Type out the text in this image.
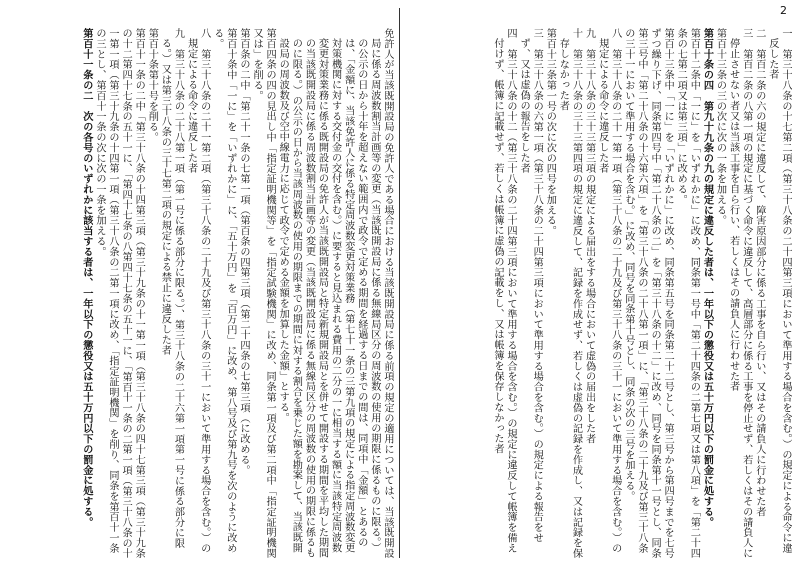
2

一　第三十八条の十七第二項（第三十八条の二十四第三項において準用する場合を含む。）の規定による命令に違反した者

二　第百二条の六の規定に違反して、障害原因部分に係る工事を自ら行い、又はその請負人に行わせた者

三　第百二条の八第一項の規定に基づく命令に違反して、高層部分に係る工事を停止せず、若しくはその請負人に停止させない者又は当該工事を自ら行い、若しくはその請負人に行わせた者

第百十三条の三の次に次の一条を加える。

第百十条の四　第九十九条の九の規定に違反した者は、一年以下の懲役又は五十万円以下の罰金に処する。

第百十二条中「一に」を「いずれかに」に改め、同条第一号中「第二十四条の二第七項又は第八項」を「第二十四条の七第二項又は第三項」に改める。

第百十三条中「一に」を「いずれかに」に改め、同条第五号を同条第二十二号とし、第三号から第四号までを七号ずつ繰り下げ、同条第四号中「第二十八条の二」を「第三十八条の十二」に改め、同号を同条第十一号とし、同条第三号中「第二十八条の十六第六項」を「第三十八条の二十八第一項」に、「第三十八条の二十九及び第三十八条の三十一において準用する場合を含む。」に改め、同号を同条第十号とし、同条の次の三号を加える。

八　第三十八条の二十一第一項（第三十八条の二十九及び第三十八条の三十一において準用する場合を含む。）の規定による命令に違反した者

九　第三十八条の三十三第三項の規定による届出をする場合において虚偽の届出をした者

十　第三十八条の三十三第四項の規定に違反して、記録を作成せず、若しくは虚偽の記録を作成し、又は記録を保存しなかった者

第百十三条第一号の次に次の四号を加える。

三　第三十八条の六第一項（第三十八条の二十四第三項において準用する場合を含む。）の規定による報告をせず、又は虚偽の報告をした者

四　第三十八条の十二（第三十八条の二十四第三項において準用する場合を含む。）の規定に違反して帳簿を備え付けず、帳簿に記載せず、若しくは帳簿に虚偽の記載をし、又は帳簿を保存しなかった者

免許人が当該既開設局の免許人である場合における当該既開設局に係る前項の規定の適用については、当該既開設局に係る周波数割当計画等の変更（当該既開設局に係る無線局区分の周波数の使用の期限に係るものに限る。）の公示の日から十年を超えない範囲内で政令で定める期間を経過する日までの間は、同項中「金額」とあるのは、「金額に、当該免許人に係る特定周波数変更対策業務（第七十一条の三第九項の規定による指定周波数変更対策機関に対する交付金の交付を含む。）に要すると見込まれる費用の二分の一に相当する額に当該特定周波数変更対策業務に係る既開設局の免許人が当該既開設局と特定新規開設局とを併せて開設する期間を平均した期間の当該既開設局に係る周波数割当計画等の変更（当該既開設局に係る無線局区分の周波数の使用の期限に係るものに限る。）の公示の日から当該周波数の使用の期限までの期間に対する割合を乗じた額を勘案して、当該既開設局の周波数及び空中線電力に応じて政令で定める金額を加算した金額」とする。

第百四条の四の見出し中「指定証明機関等」を「指定試験機関」に改め、同条第一項及び第二項中「指定証明機関又は」を削る。

第百条の二中「第二十一条の七第一項（第百条の四第三項（第二十四条の七第三項（に改める。

第百十条中「一に」を「いずれかに」に、「五十万円」を「百万円」に改め、第八号及び第九号を次のように改める。

八　第三十八条の二十一第二項（第三十八条の二十九及び第三十八条の三十一において準用する場合を含む。）の規定による命令に違反した者

九　第三十八条の二十八第一項（第一号に係る部分に限る。）、第三十八条の二十六第一項第一号に係る部分に限る。）又は第三十八条の三十七第二項の規定による禁止に違反した者

第百十条第十号を削る。

第百十一条の二中「第三十八条の十四第三項（第三十九条の十一第一項（第三十八条の四十七第三項（第三十九条の十二第四十七条の五十一に、「第四十七条の八第四十七条の五十一に、「第百十一条の二第一項（第三十八条の十一第一項（第三十九条の十四第一項（第三十八条の二第一項に改め、「指定証明機関」を削り、同条を第百十一条の三とし、第百十一条の次に次の一条を加える。

第百十一条の二　次の各号のいずれかに該当する者は、一年以下の懲役又は五十万円以下の罰金に処する。
